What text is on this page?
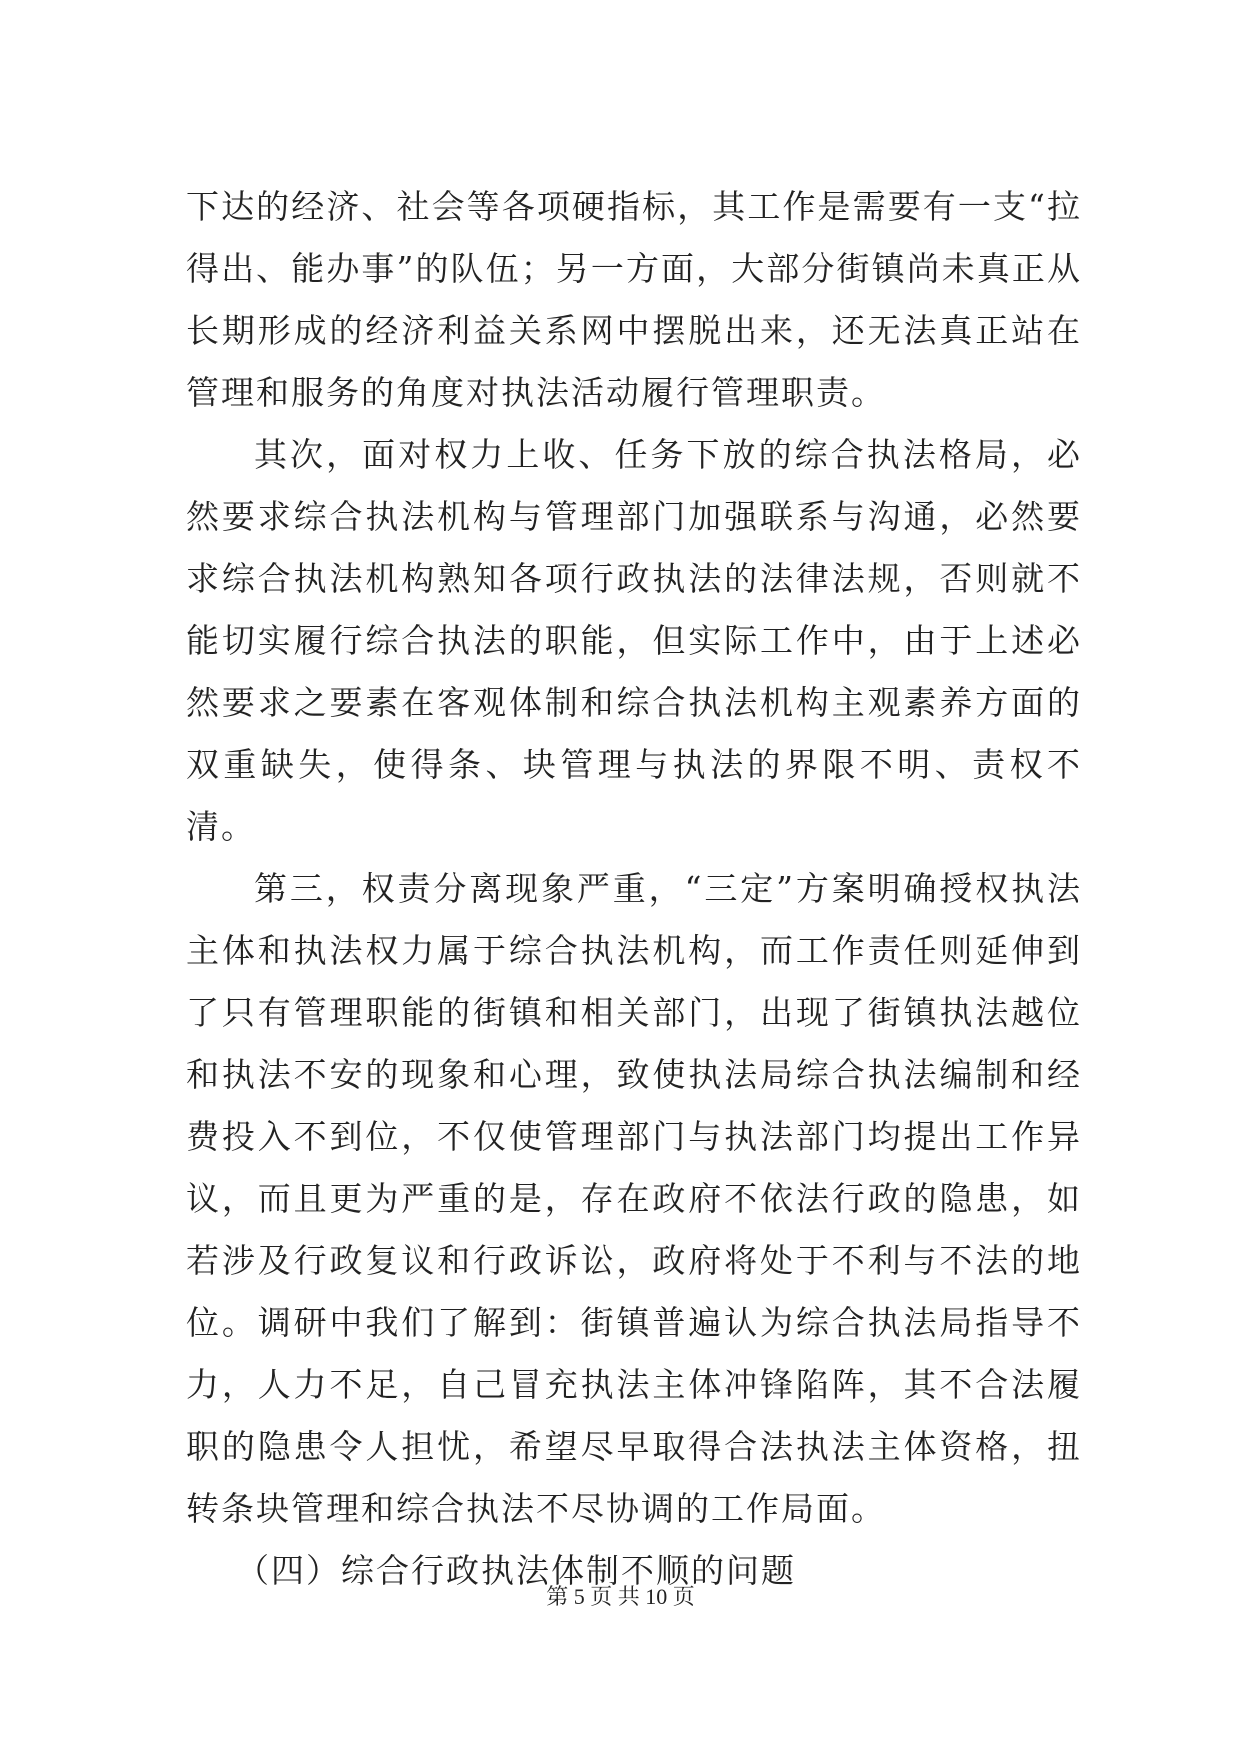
下达的经济、社会等各项硬指标，其工作是需要有一支“拉得出、能办事”的队伍；另一方面，大部分街镇尚未真正从长期形成的经济利益关系网中摆脱出来，还无法真正站在管理和服务的角度对执法活动履行管理职责。

其次，面对权力上收、任务下放的综合执法格局，必然要求综合执法机构与管理部门加强联系与沟通，必然要求综合执法机构熟知各项行政执法的法律法规，否则就不能切实履行综合执法的职能，但实际工作中，由于上述必然要求之要素在客观体制和综合执法机构主观素养方面的双重缺失，使得条、块管理与执法的界限不明、责权不清。

第三，权责分离现象严重，“三定”方案明确授权执法主体和执法权力属于综合执法机构，而工作责任则延伸到了只有管理职能的街镇和相关部门，出现了街镇执法越位和执法不安的现象和心理，致使执法局综合执法编制和经费投入不到位，不仅使管理部门与执法部门均提出工作异议，而且更为严重的是，存在政府不依法行政的隐患，如若涉及行政复议和行政诉讼，政府将处于不利与不法的地位。调研中我们了解到：街镇普遍认为综合执法局指导不力，人力不足，自己冒充执法主体冲锋陷阵，其不合法履职的隐患令人担忧，希望尽早取得合法执法主体资格，扭转条块管理和综合执法不尽协调的工作局面。

（四）综合行政执法体制不顺的问题

第 5 页 共 10 页
